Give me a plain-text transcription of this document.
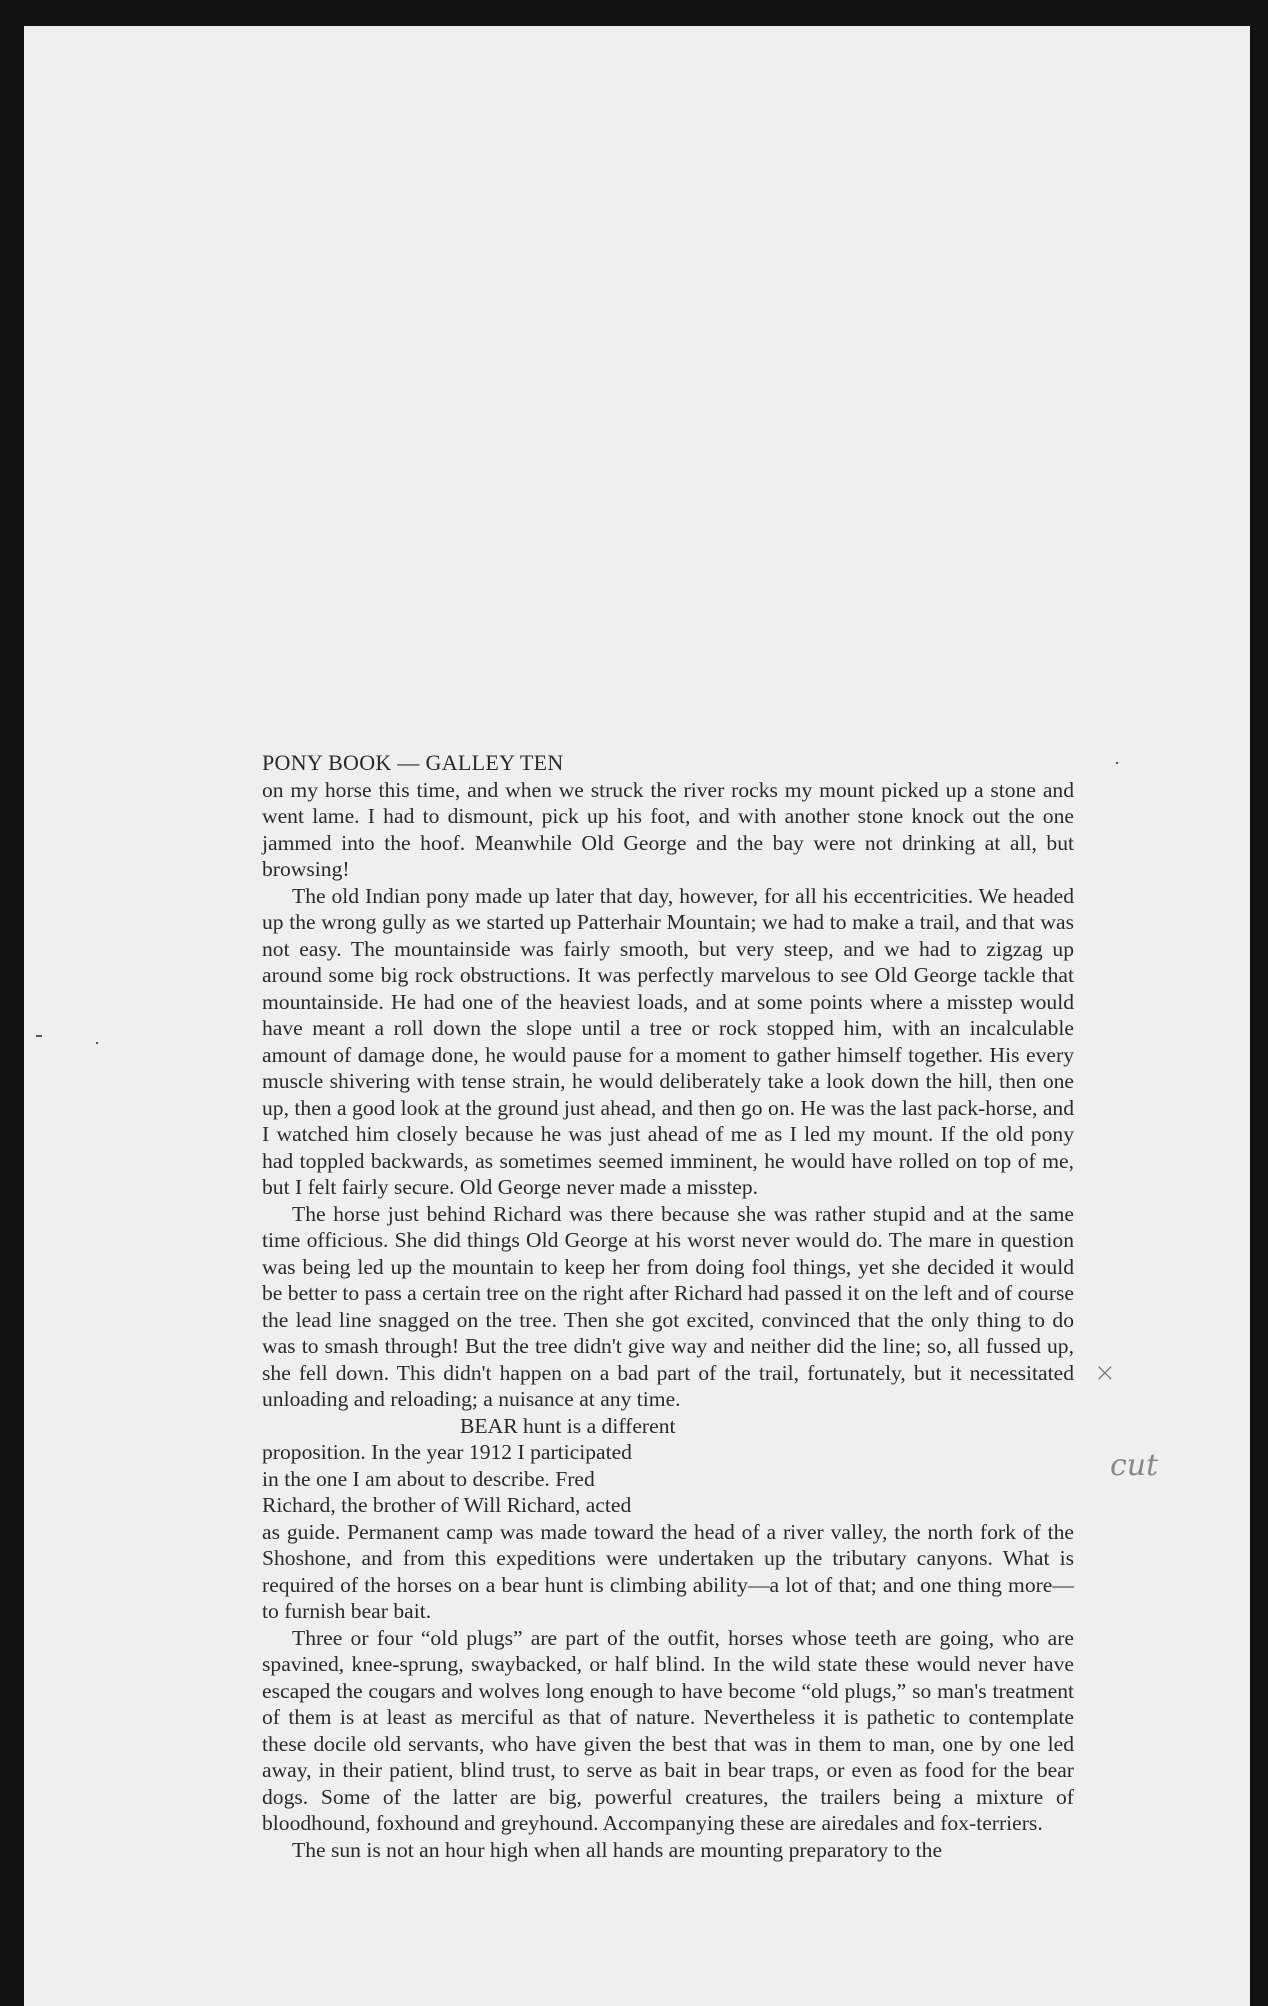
PONY BOOK — GALLEY TEN

on my horse this time, and when we struck the river rocks my mount picked up a stone and went lame. I had to dismount, pick up his foot, and with another stone knock out the one jammed into the hoof. Meanwhile Old George and the bay were not drinking at all, but browsing!

The old Indian pony made up later that day, however, for all his eccentricities. We headed up the wrong gully as we started up Patterhair Mountain; we had to make a trail, and that was not easy. The mountainside was fairly smooth, but very steep, and we had to zigzag up around some big rock obstructions. It was perfectly marvelous to see Old George tackle that mountainside. He had one of the heaviest loads, and at some points where a misstep would have meant a roll down the slope until a tree or rock stopped him, with an incalculable amount of damage done, he would pause for a moment to gather himself together. His every muscle shivering with tense strain, he would deliberately take a look down the hill, then one up, then a good look at the ground just ahead, and then go on. He was the last pack-horse, and I watched him closely because he was just ahead of me as I led my mount. If the old pony had toppled backwards, as sometimes seemed imminent, he would have rolled on top of me, but I felt fairly secure. Old George never made a misstep.

The horse just behind Richard was there because she was rather stupid and at the same time officious. She did things Old George at his worst never would do. The mare in question was being led up the mountain to keep her from doing fool things, yet she decided it would be better to pass a certain tree on the right after Richard had passed it on the left and of course the lead line snagged on the tree. Then she got excited, convinced that the only thing to do was to smash through! But the tree didn't give way and neither did the line; so, all fussed up, she fell down. This didn't happen on a bad part of the trail, fortunately, but it necessitated unloading and reloading; a nuisance at any time.

BEAR hunt is a different

proposition. In the year 1912 I participated

in the one I am about to describe. Fred

Richard, the brother of Will Richard, acted

as guide. Permanent camp was made toward the head of a river valley, the north fork of the Shoshone, and from this expeditions were undertaken up the tributary canyons. What is required of the horses on a bear hunt is climbing ability—a lot of that; and one thing more—to furnish bear bait.

Three or four “old plugs” are part of the outfit, horses whose teeth are going, who are spavined, knee-sprung, swaybacked, or half blind. In the wild state these would never have escaped the cougars and wolves long enough to have become “old plugs,” so man's treatment of them is at least as merciful as that of nature. Nevertheless it is pathetic to contemplate these docile old servants, who have given the best that was in them to man, one by one led away, in their patient, blind trust, to serve as bait in bear traps, or even as food for the bear dogs. Some of the latter are big, powerful creatures, the trailers being a mixture of bloodhound, foxhound and greyhound. Accompanying these are airedales and fox-terriers.

The sun is not an hour high when all hands are mounting preparatory to the

×
cut
